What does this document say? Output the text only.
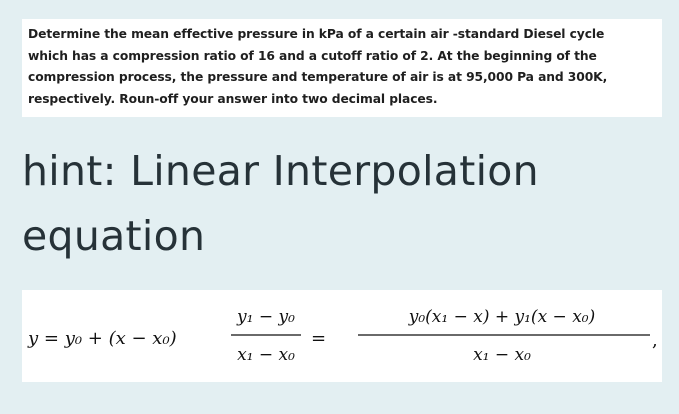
Determine the mean effective pressure in kPa of a certain air -standard Diesel cycle
which has a compression ratio of 16 and a cutoff ratio of 2. At the beginning of the
compression process, the pressure and temperature of air is at 95,000 Pa and 300K,
respectively. Roun-off your answer into two decimal places.
hint: Linear Interpolation
equation
y = y₀ + (x − x₀)
y₁ − y₀
x₁ − x₀
=
y₀(x₁ − x) + y₁(x − x₀)
x₁ − x₀
,
